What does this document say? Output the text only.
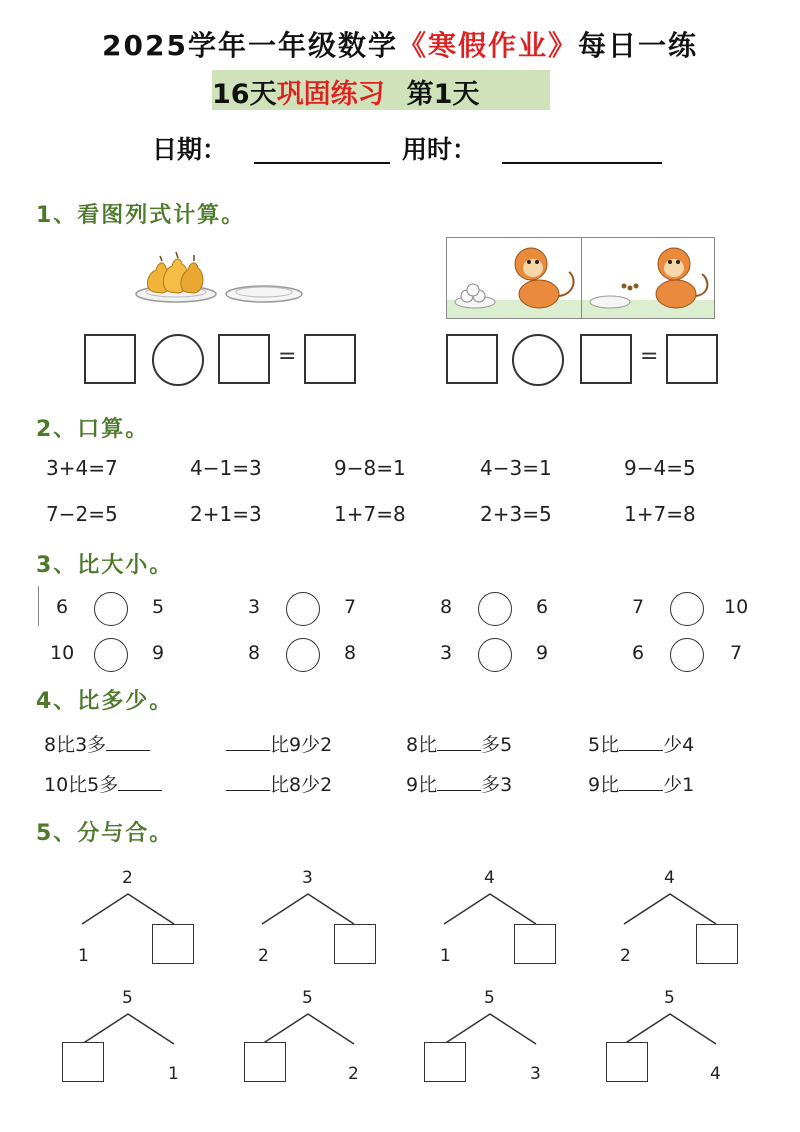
2025学年一年级数学《寒假作业》每日一练
16天巩固练习 第1天
日期：	用时：
1、看图列式计算。
=	=
2、口算。
3+4=7	4−1=3	9−8=1	4−3=1	9−4=5
7−2=5	2+1=3	1+7=8	2+3=5	1+7=8
3、比大小。
6	5	3	7	8	6	7	10
10	9	8	8	3	9	6	7
4、比多少。
8比3多	比9少2	8比 多5	5比 少4
10比5多	比8少2	9比 多3	9比 少1
5、分与合。
2
1
3
2
4
1
4
2
5
1
5
2
5
3
5
4
